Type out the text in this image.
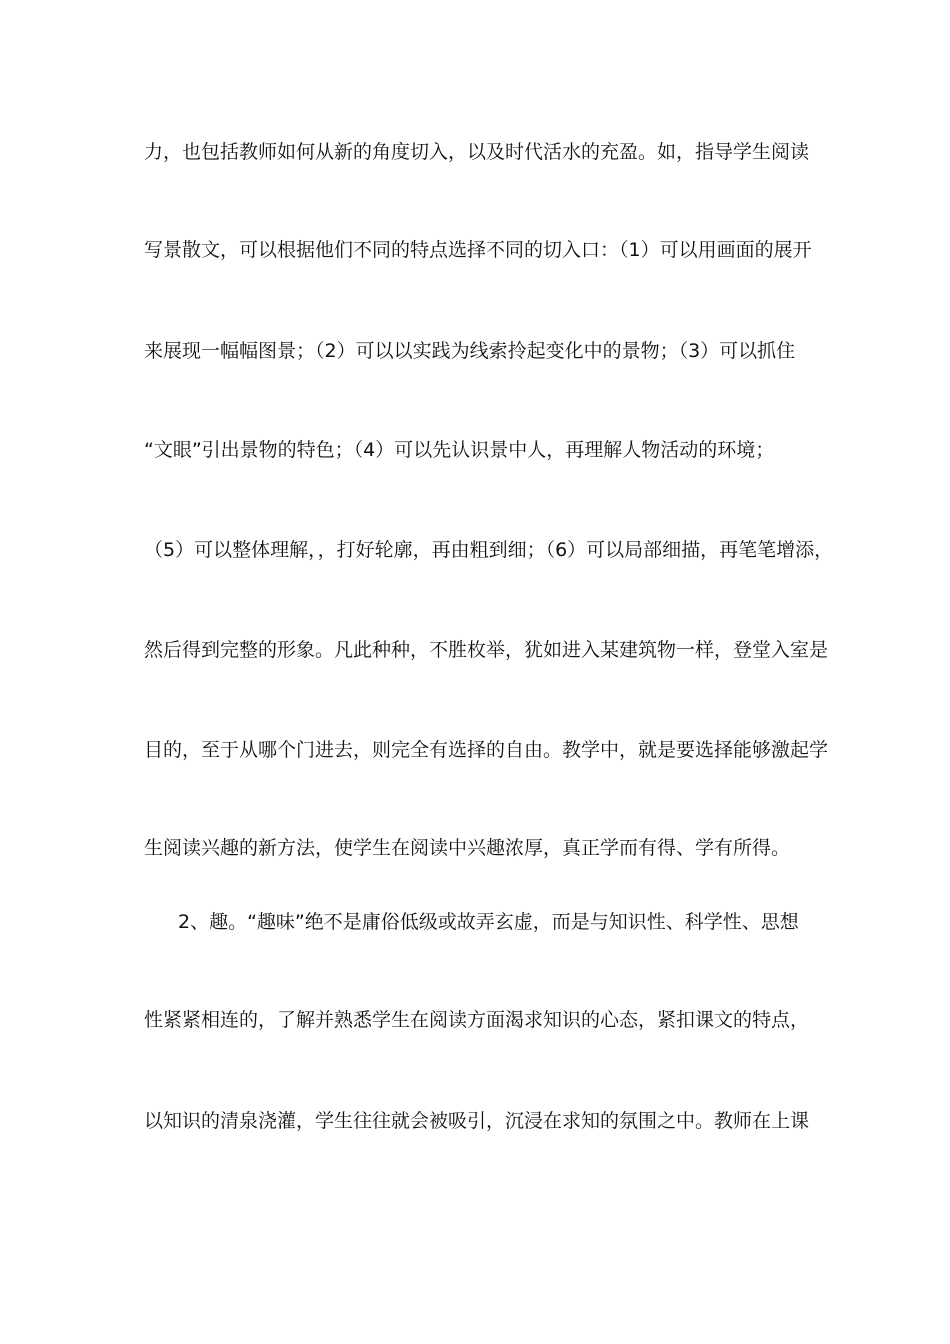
力，也包括教师如何从新的角度切入，以及时代活水的充盈。如，指导学生阅读
写景散文，可以根据他们不同的特点选择不同的切入口：（1）可以用画面的展开
来展现一幅幅图景；（2）可以以实践为线索拎起变化中的景物；（3）可以抓住
“文眼”引出景物的特色；（4）可以先认识景中人，再理解人物活动的环境；
（5）可以整体理解，，打好轮廓，再由粗到细；（6）可以局部细描，再笔笔增添，
然后得到完整的形象。凡此种种，不胜枚举，犹如进入某建筑物一样，登堂入室是
目的，至于从哪个门进去，则完全有选择的自由。教学中，就是要选择能够激起学
生阅读兴趣的新方法，使学生在阅读中兴趣浓厚，真正学而有得、学有所得。
2、趣。“趣味”绝不是庸俗低级或故弄玄虚，而是与知识性、科学性、思想
性紧紧相连的，了解并熟悉学生在阅读方面渴求知识的心态，紧扣课文的特点，
以知识的清泉浇灌，学生往往就会被吸引，沉浸在求知的氛围之中。教师在上课
